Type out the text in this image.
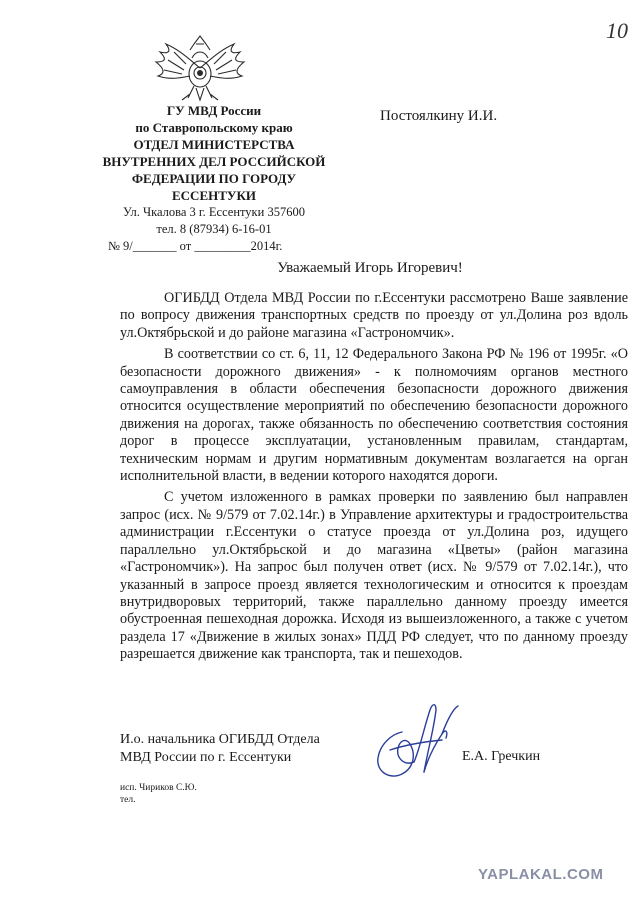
10
ГУ МВД России
по Ставропольскому краю
ОТДЕЛ МИНИСТЕРСТВА
ВНУТРЕННИХ ДЕЛ РОССИЙСКОЙ
ФЕДЕРАЦИИ ПО ГОРОДУ
ЕССЕНТУКИ
Ул. Чкалова 3 г. Ессентуки 357600
тел. 8 (87934) 6-16-01
№ 9/_______ от _________2014г.
Постоялкину И.И.
Уважаемый Игорь Игоревич!

ОГИБДД Отдела МВД России по г.Ессентуки рассмотрено Ваше заявление по вопросу движения транспортных средств по проезду от ул.Долина роз вдоль ул.Октябрьской и до районе магазина «Гастрономчик».

В соответствии со ст. 6, 11, 12 Федерального Закона РФ № 196 от 1995г. «О безопасности дорожного движения» - к полномочиям органов местного самоуправления в области обеспечения безопасности дорожного движения относится осуществление мероприятий по обеспечению безопасности дорожного движения на дорогах, также обязанность по обеспечению соответствия состояния дорог в процессе эксплуатации, установленным правилам, стандартам, техническим нормам и другим нормативным документам возлагается на орган исполнительной власти, в ведении которого находятся дороги.

С учетом изложенного в рамках проверки по заявлению был направлен запрос (исх. № 9/579 от 7.02.14г.) в Управление архитектуры и градостроительства администрации г.Ессентуки о статусе проезда от ул.Долина роз, идущего параллельно ул.Октябрьской и до магазина «Цветы» (район магазина «Гастрономчик»). На запрос был получен ответ (исх. № 9/579 от 7.02.14г.), что указанный в запросе проезд является технологическим и относится к проездам внутридворовых территорий, также параллельно данному проезду имеется обустроенная пешеходная дорожка. Исходя из вышеизложенного, а также с учетом раздела 17 «Движение в жилых зонах» ПДД РФ следует, что по данному проезду разрешается движение как транспорта, так и пешеходов.

И.о. начальника ОГИБДД Отдела
МВД России по г. Ессентуки	Е.А. Гречкин
исп. Чириков С.Ю.
тел.
YAPLAKAL.COM
